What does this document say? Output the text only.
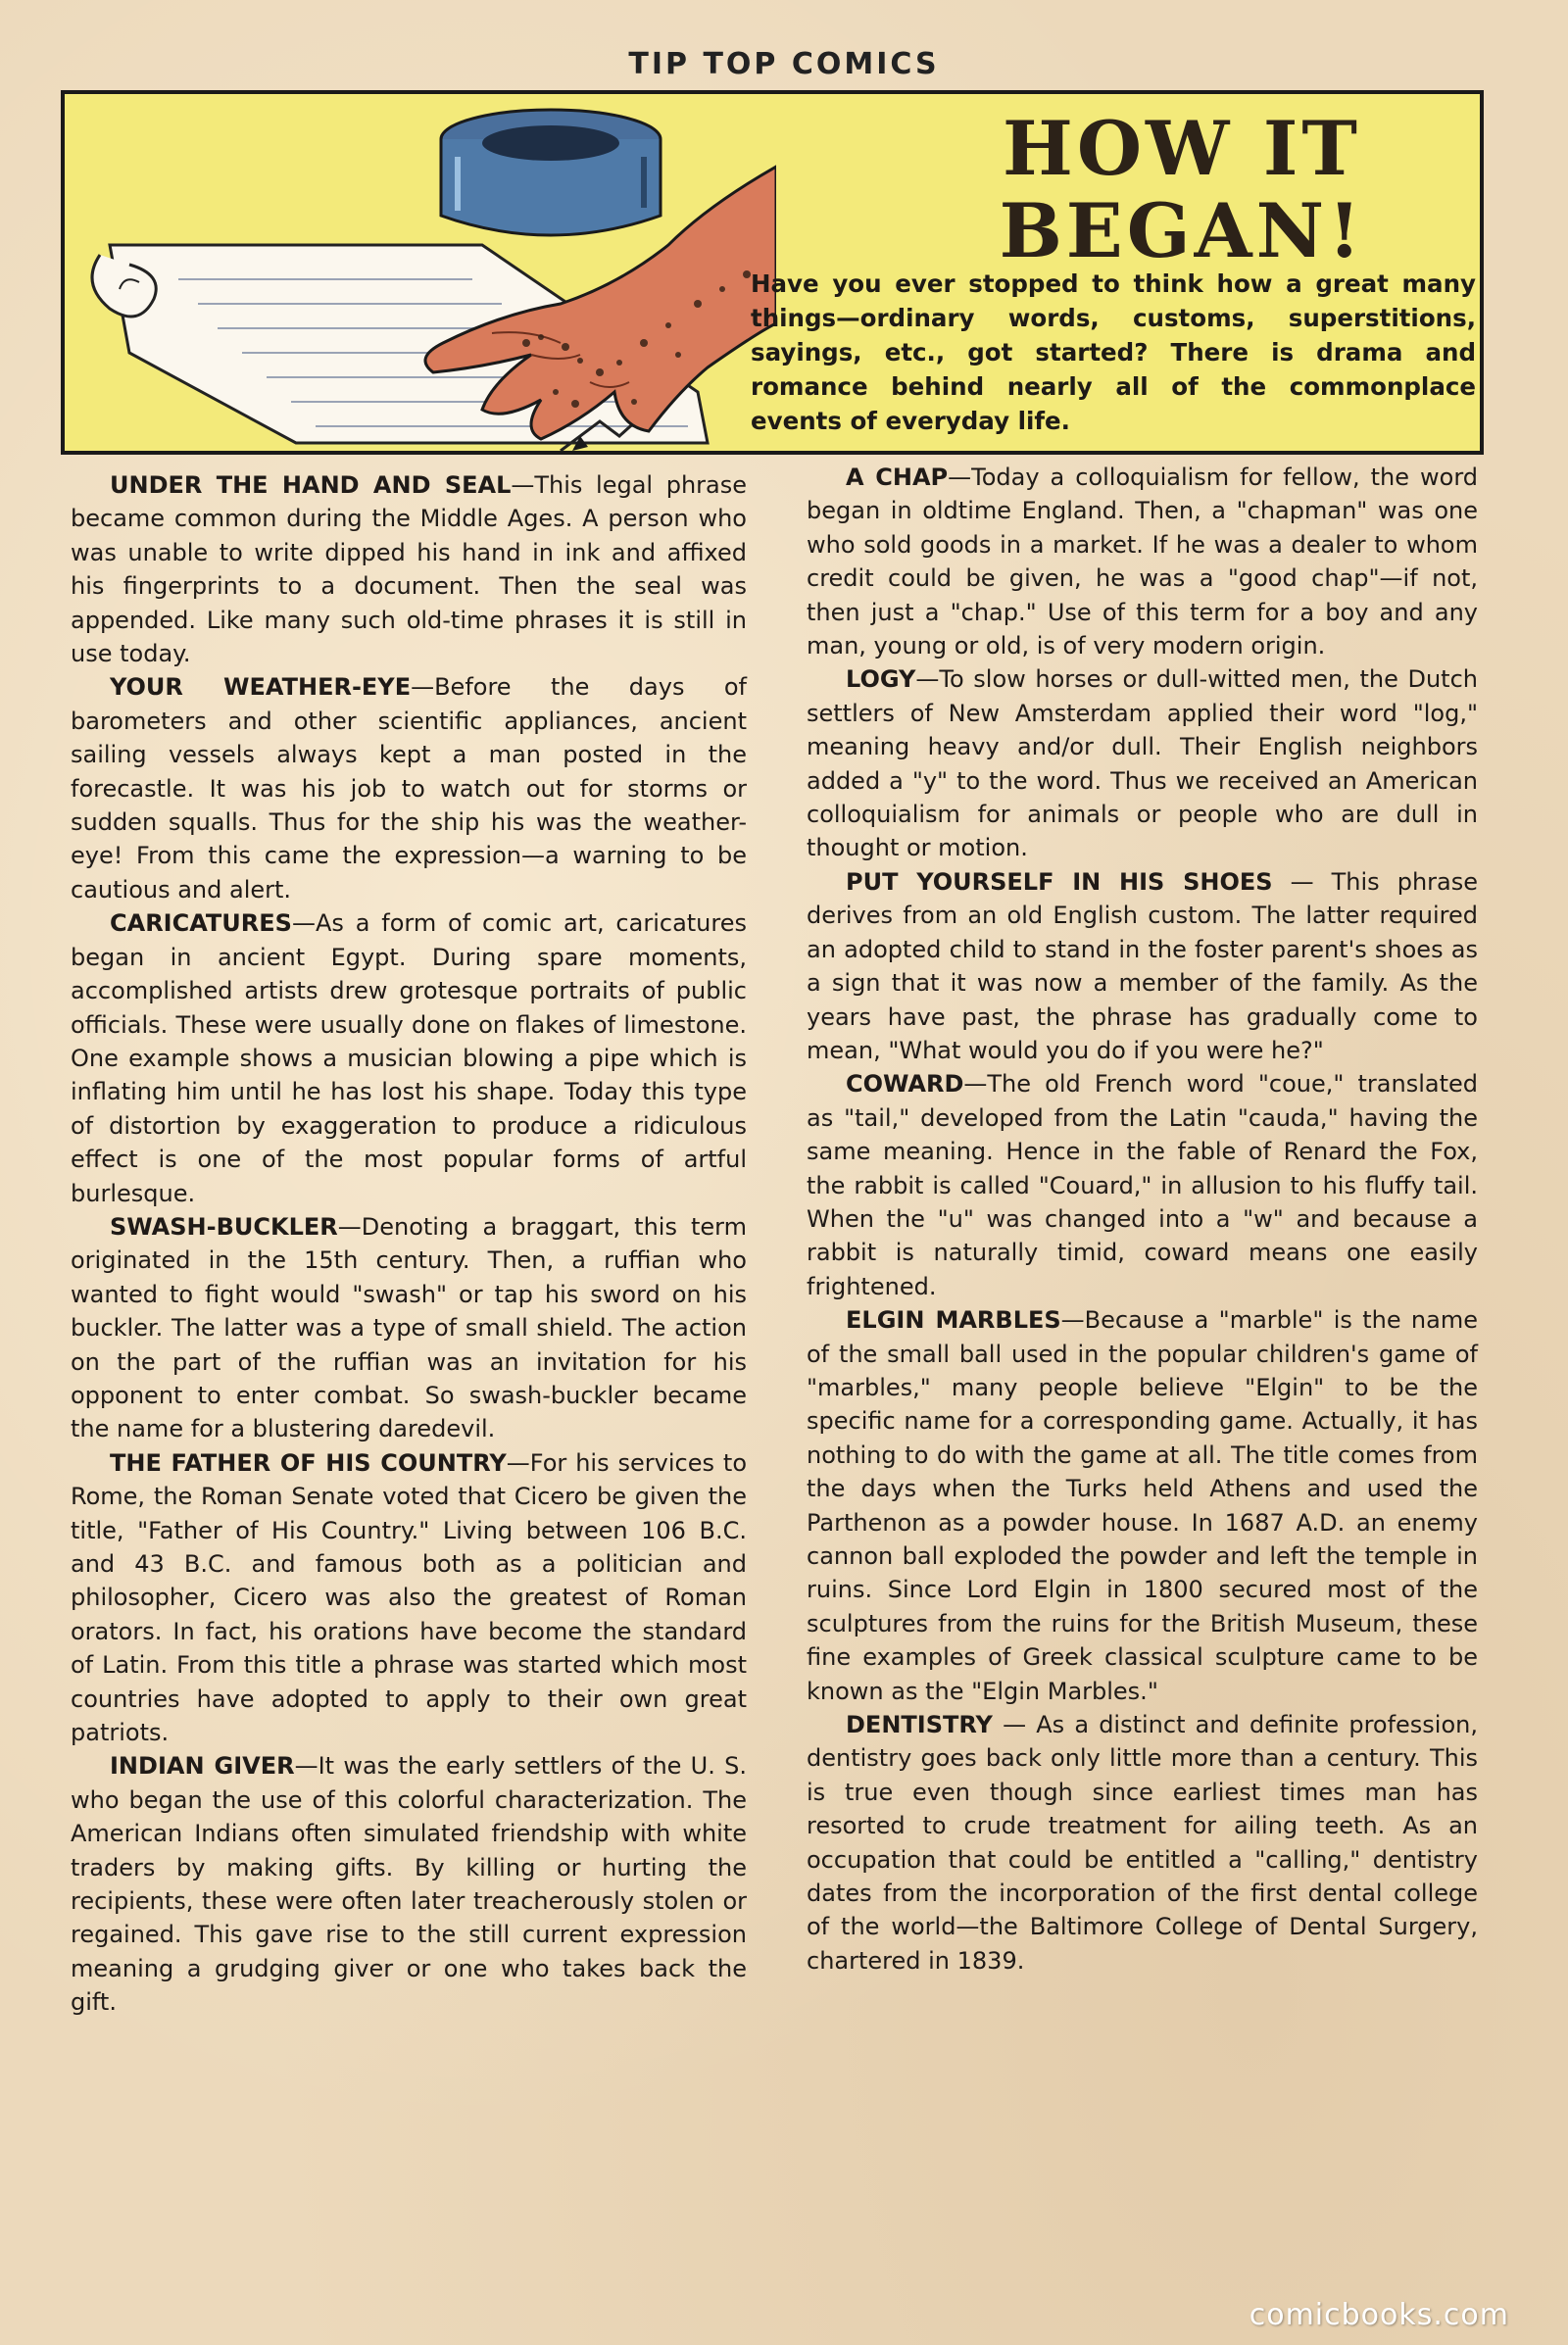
TIP TOP COMICS
HOW IT
BEGAN!
Have you ever stopped to think how a great many things—ordinary words, customs, superstitions, sayings, etc., got started? There is drama and romance behind nearly all of the commonplace events of everyday life.

UNDER THE HAND AND SEAL—This legal phrase became common during the Middle Ages. A person who was unable to write dipped his hand in ink and affixed his fingerprints to a document. Then the seal was appended. Like many such old-time phrases it is still in use today.

YOUR WEATHER-EYE—Before the days of barometers and other scientific appliances, ancient sailing vessels always kept a man posted in the forecastle. It was his job to watch out for storms or sudden squalls. Thus for the ship his was the weather-eye! From this came the expression—a warning to be cautious and alert.

CARICATURES—As a form of comic art, caricatures began in ancient Egypt. During spare moments, accomplished artists drew grotesque portraits of public officials. These were usually done on flakes of limestone. One example shows a musician blowing a pipe which is inflating him until he has lost his shape. Today this type of distortion by exaggeration to produce a ridiculous effect is one of the most popular forms of artful burlesque.

SWASH-BUCKLER—Denoting a braggart, this term originated in the 15th century. Then, a ruffian who wanted to fight would "swash" or tap his sword on his buckler. The latter was a type of small shield. The action on the part of the ruffian was an invitation for his opponent to enter combat. So swash-buckler became the name for a blustering daredevil.

THE FATHER OF HIS COUNTRY—For his services to Rome, the Roman Senate voted that Cicero be given the title, "Father of His Country." Living between 106 B.C. and 43 B.C. and famous both as a politician and philosopher, Cicero was also the greatest of Roman orators. In fact, his orations have become the standard of Latin. From this title a phrase was started which most countries have adopted to apply to their own great patriots.

INDIAN GIVER—It was the early settlers of the U. S. who began the use of this colorful characterization. The American Indians often simulated friendship with white traders by making gifts. By killing or hurting the recipients, these were often later treacherously stolen or regained. This gave rise to the still current expression meaning a grudging giver or one who takes back the gift.

A CHAP—Today a colloquialism for fellow, the word began in oldtime England. Then, a "chapman" was one who sold goods in a market. If he was a dealer to whom credit could be given, he was a "good chap"—if not, then just a "chap." Use of this term for a boy and any man, young or old, is of very modern origin.

LOGY—To slow horses or dull-witted men, the Dutch settlers of New Amsterdam applied their word "log," meaning heavy and/or dull. Their English neighbors added a "y" to the word. Thus we received an American colloquialism for animals or people who are dull in thought or motion.

PUT YOURSELF IN HIS SHOES — This phrase derives from an old English custom. The latter required an adopted child to stand in the foster parent's shoes as a sign that it was now a member of the family. As the years have past, the phrase has gradually come to mean, "What would you do if you were he?"

COWARD—The old French word "coue," translated as "tail," developed from the Latin "cauda," having the same meaning. Hence in the fable of Renard the Fox, the rabbit is called "Couard," in allusion to his fluffy tail. When the "u" was changed into a "w" and because a rabbit is naturally timid, coward means one easily frightened.

ELGIN MARBLES—Because a "marble" is the name of the small ball used in the popular children's game of "marbles," many people believe "Elgin" to be the specific name for a corresponding game. Actually, it has nothing to do with the game at all. The title comes from the days when the Turks held Athens and used the Parthenon as a powder house. In 1687 A.D. an enemy cannon ball exploded the powder and left the temple in ruins. Since Lord Elgin in 1800 secured most of the sculptures from the ruins for the British Museum, these fine examples of Greek classical sculpture came to be known as the "Elgin Marbles."

DENTISTRY — As a distinct and definite profession, dentistry goes back only little more than a century. This is true even though since earliest times man has resorted to crude treatment for ailing teeth. As an occupation that could be entitled a "calling," dentistry dates from the incorporation of the first dental college of the world—the Baltimore College of Dental Surgery, chartered in 1839.

comicbooks.com
